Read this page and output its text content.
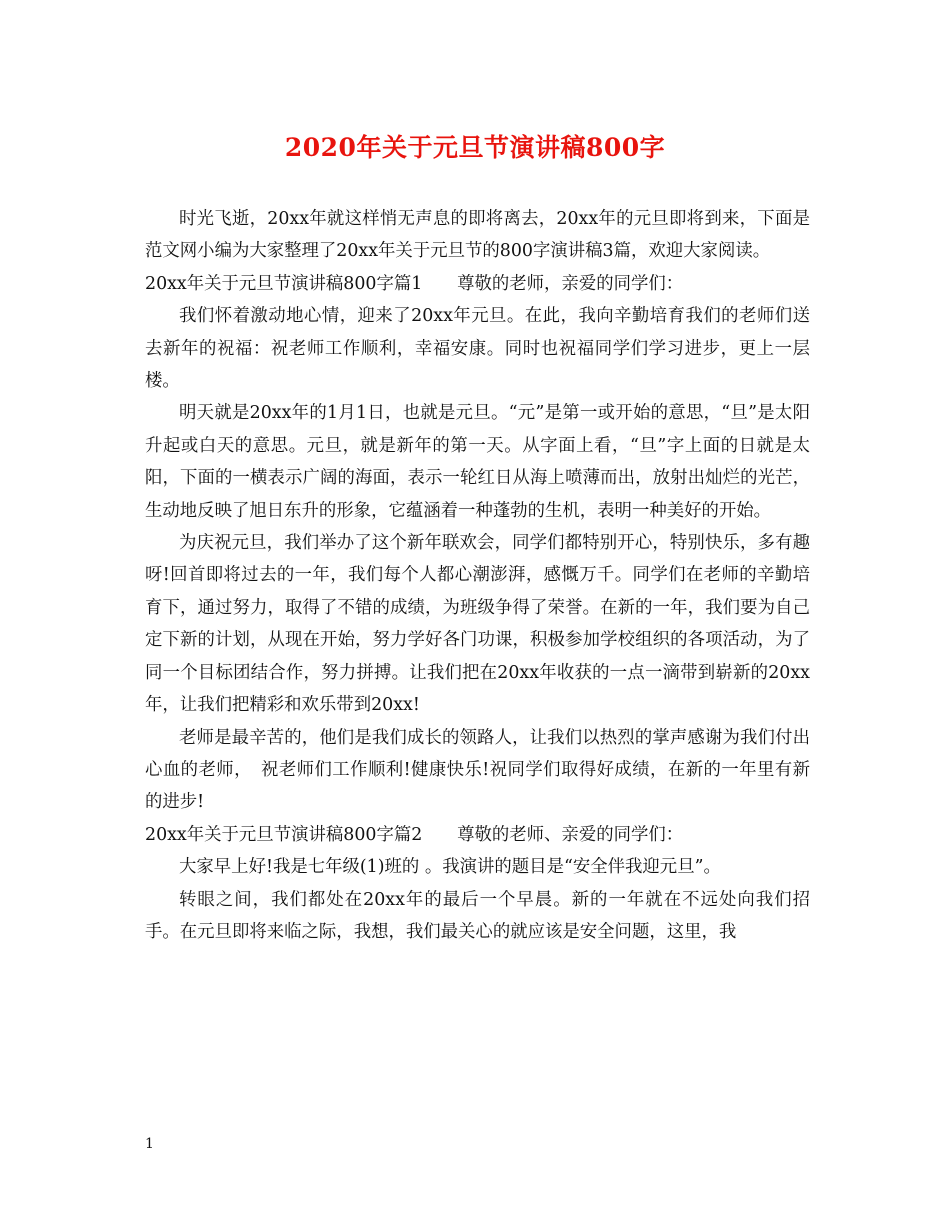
2020年关于元旦节演讲稿800字

时光飞逝，20xx年就这样悄无声息的即将离去，20xx年的元旦即将到来，下面是范文网小编为大家整理了20xx年关于元旦节的800字演讲稿3篇，欢迎大家阅读。

20xx年关于元旦节演讲稿800字篇1　　尊敬的老师，亲爱的同学们：

我们怀着激动地心情，迎来了20xx年元旦。在此，我向辛勤培育我们的老师们送去新年的祝福：祝老师工作顺利，幸福安康。同时也祝福同学们学习进步，更上一层楼。

明天就是20xx年的1月1日，也就是元旦。“元”是第一或开始的意思，“旦”是太阳升起或白天的意思。元旦，就是新年的第一天。从字面上看，“旦”字上面的日就是太阳，下面的一横表示广阔的海面，表示一轮红日从海上喷薄而出，放射出灿烂的光芒，生动地反映了旭日东升的形象，它蕴涵着一种蓬勃的生机，表明一种美好的开始。

为庆祝元旦，我们举办了这个新年联欢会，同学们都特别开心，特别快乐，多有趣呀!回首即将过去的一年，我们每个人都心潮澎湃，感慨万千。同学们在老师的辛勤培育下，通过努力，取得了不错的成绩，为班级争得了荣誉。在新的一年，我们要为自己定下新的计划，从现在开始，努力学好各门功课，积极参加学校组织的各项活动，为了同一个目标团结合作，努力拼搏。让我们把在20xx年收获的一点一滴带到崭新的20xx年，让我们把精彩和欢乐带到20xx!

老师是最辛苦的，他们是我们成长的领路人，让我们以热烈的掌声感谢为我们付出心血的老师，　祝老师们工作顺利!健康快乐!祝同学们取得好成绩，在新的一年里有新的进步!

20xx年关于元旦节演讲稿800字篇2　　尊敬的老师、亲爱的同学们：

大家早上好!我是七年级(1)班的 。我演讲的题目是“安全伴我迎元旦”。

转眼之间，我们都处在20xx年的最后一个早晨。新的一年就在不远处向我们招手。在元旦即将来临之际，我想，我们最关心的就应该是安全问题，这里，我

1
